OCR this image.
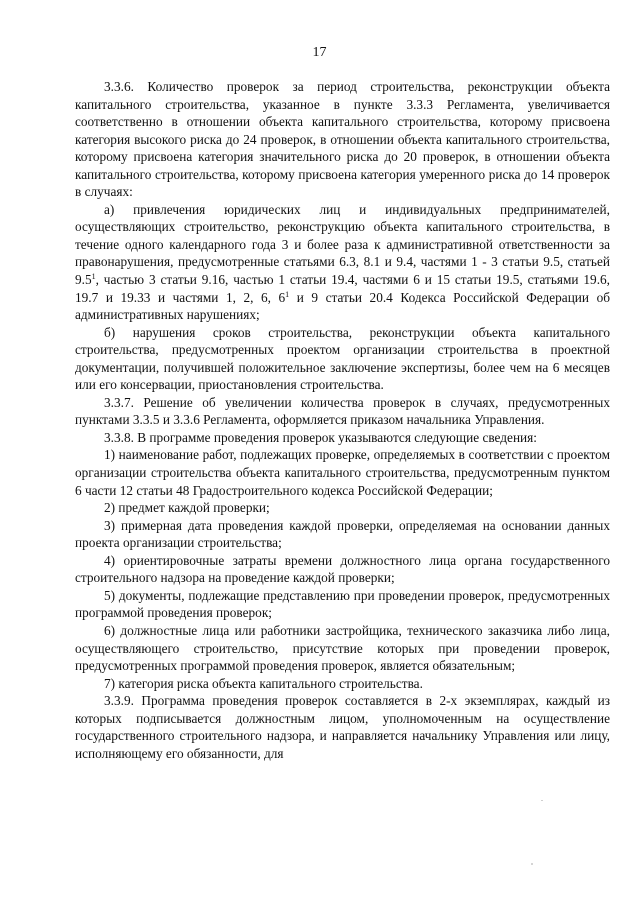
17

3.3.6. Количество проверок за период строительства, реконструкции объекта капитального строительства, указанное в пункте 3.3.3 Регламента, увеличивается соответственно в отношении объекта капитального строительства, которому присвоена категория высокого риска до 24 проверок, в отношении объекта капитального строительства, которому присвоена категория значительного риска до 20 проверок, в отношении объекта капитального строительства, которому присвоена категория умеренного риска до 14 проверок в случаях:

а) привлечения юридических лиц и индивидуальных предпринимателей, осуществляющих строительство, реконструкцию объекта капитального строительства, в течение одного календарного года 3 и более раза к административной ответственности за правонарушения, предусмотренные статьями 6.3, 8.1 и 9.4, частями 1 - 3 статьи 9.5, статьей $9.5^1$, частью 3 статьи 9.16, частью 1 статьи 19.4, частями 6 и 15 статьи 19.5, статьями 19.6, 19.7 и 19.33 и частями 1, 2, 6, $6^1$ и 9 статьи 20.4 Кодекса Российской Федерации об административных нарушениях;

б) нарушения сроков строительства, реконструкции объекта капитального строительства, предусмотренных проектом организации строительства в проектной документации, получившей положительное заключение экспертизы, более чем на 6 месяцев или его консервации, приостановления строительства.

3.3.7. Решение об увеличении количества проверок в случаях, предусмотренных пунктами 3.3.5 и 3.3.6 Регламента, оформляется приказом начальника Управления.

3.3.8. В программе проведения проверок указываются следующие сведения:

1) наименование работ, подлежащих проверке, определяемых в соответствии с проектом организации строительства объекта капитального строительства, предусмотренным пунктом 6 части 12 статьи 48 Градостроительного кодекса Российской Федерации;

2) предмет каждой проверки;

3) примерная дата проведения каждой проверки, определяемая на основании данных проекта организации строительства;

4) ориентировочные затраты времени должностного лица органа государственного строительного надзора на проведение каждой проверки;

5) документы, подлежащие представлению при проведении проверок, предусмотренных программой проведения проверок;

6) должностные лица или работники застройщика, технического заказчика либо лица, осуществляющего строительство, присутствие которых при проведении проверок, предусмотренных программой проведения проверок, является обязательным;

7) категория риска объекта капитального строительства.

3.3.9. Программа проведения проверок составляется в 2-х экземплярах, каждый из которых подписывается должностным лицом, уполномоченным на осуществление государственного строительного надзора, и направляется начальнику Управления или лицу, исполняющему его обязанности, для
